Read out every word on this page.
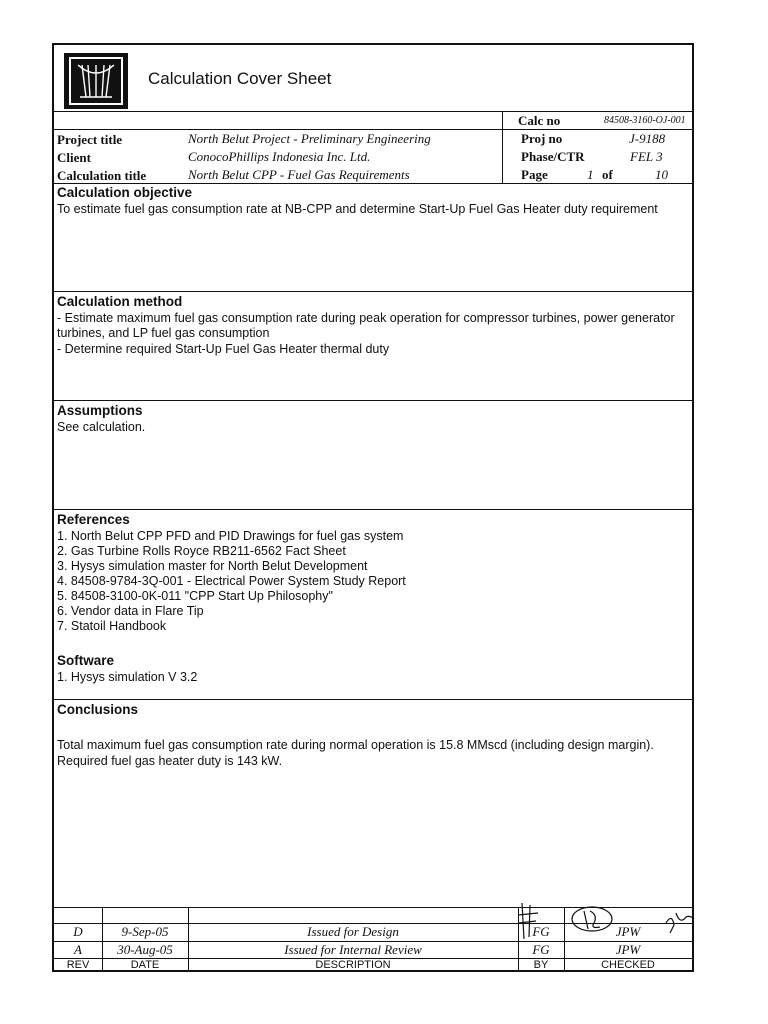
Calculation Cover Sheet
Calc no	84508-3160-OJ-001
Project title	North Belut Project - Preliminary Engineering	Proj no	J-9188
Client	ConocoPhillips Indonesia Inc. Ltd.	Phase/CTR	FEL 3
Calculation title	North Belut CPP - Fuel Gas Requirements	Page	1 of	10
Calculation objective
To estimate fuel gas consumption rate at NB-CPP and determine Start-Up Fuel Gas Heater duty requirement
Calculation method
- Estimate maximum fuel gas consumption rate during peak operation for compressor turbines, power generator
turbines, and LP fuel gas consumption
- Determine required Start-Up Fuel Gas Heater thermal duty
Assumptions
See calculation.
References
1. North Belut CPP PFD and PID Drawings for fuel gas system
2. Gas Turbine Rolls Royce RB211-6562 Fact Sheet
3. Hysys simulation master for North Belut Development
4. 84508-9784-3Q-001 - Electrical Power System Study Report
5. 84508-3100-0K-011 "CPP Start Up Philosophy"
6. Vendor data in Flare Tip
7. Statoil Handbook
Software
1. Hysys simulation V 3.2
Conclusions
Total maximum fuel gas consumption rate during normal operation is 15.8 MMscd (including design margin).
Required fuel gas heater duty is 143 kW.
D	9-Sep-05	Issued for Design	FG	JPW
A	30-Aug-05	Issued for Internal Review	FG	JPW
REV	DATE	DESCRIPTION	BY	CHECKED
